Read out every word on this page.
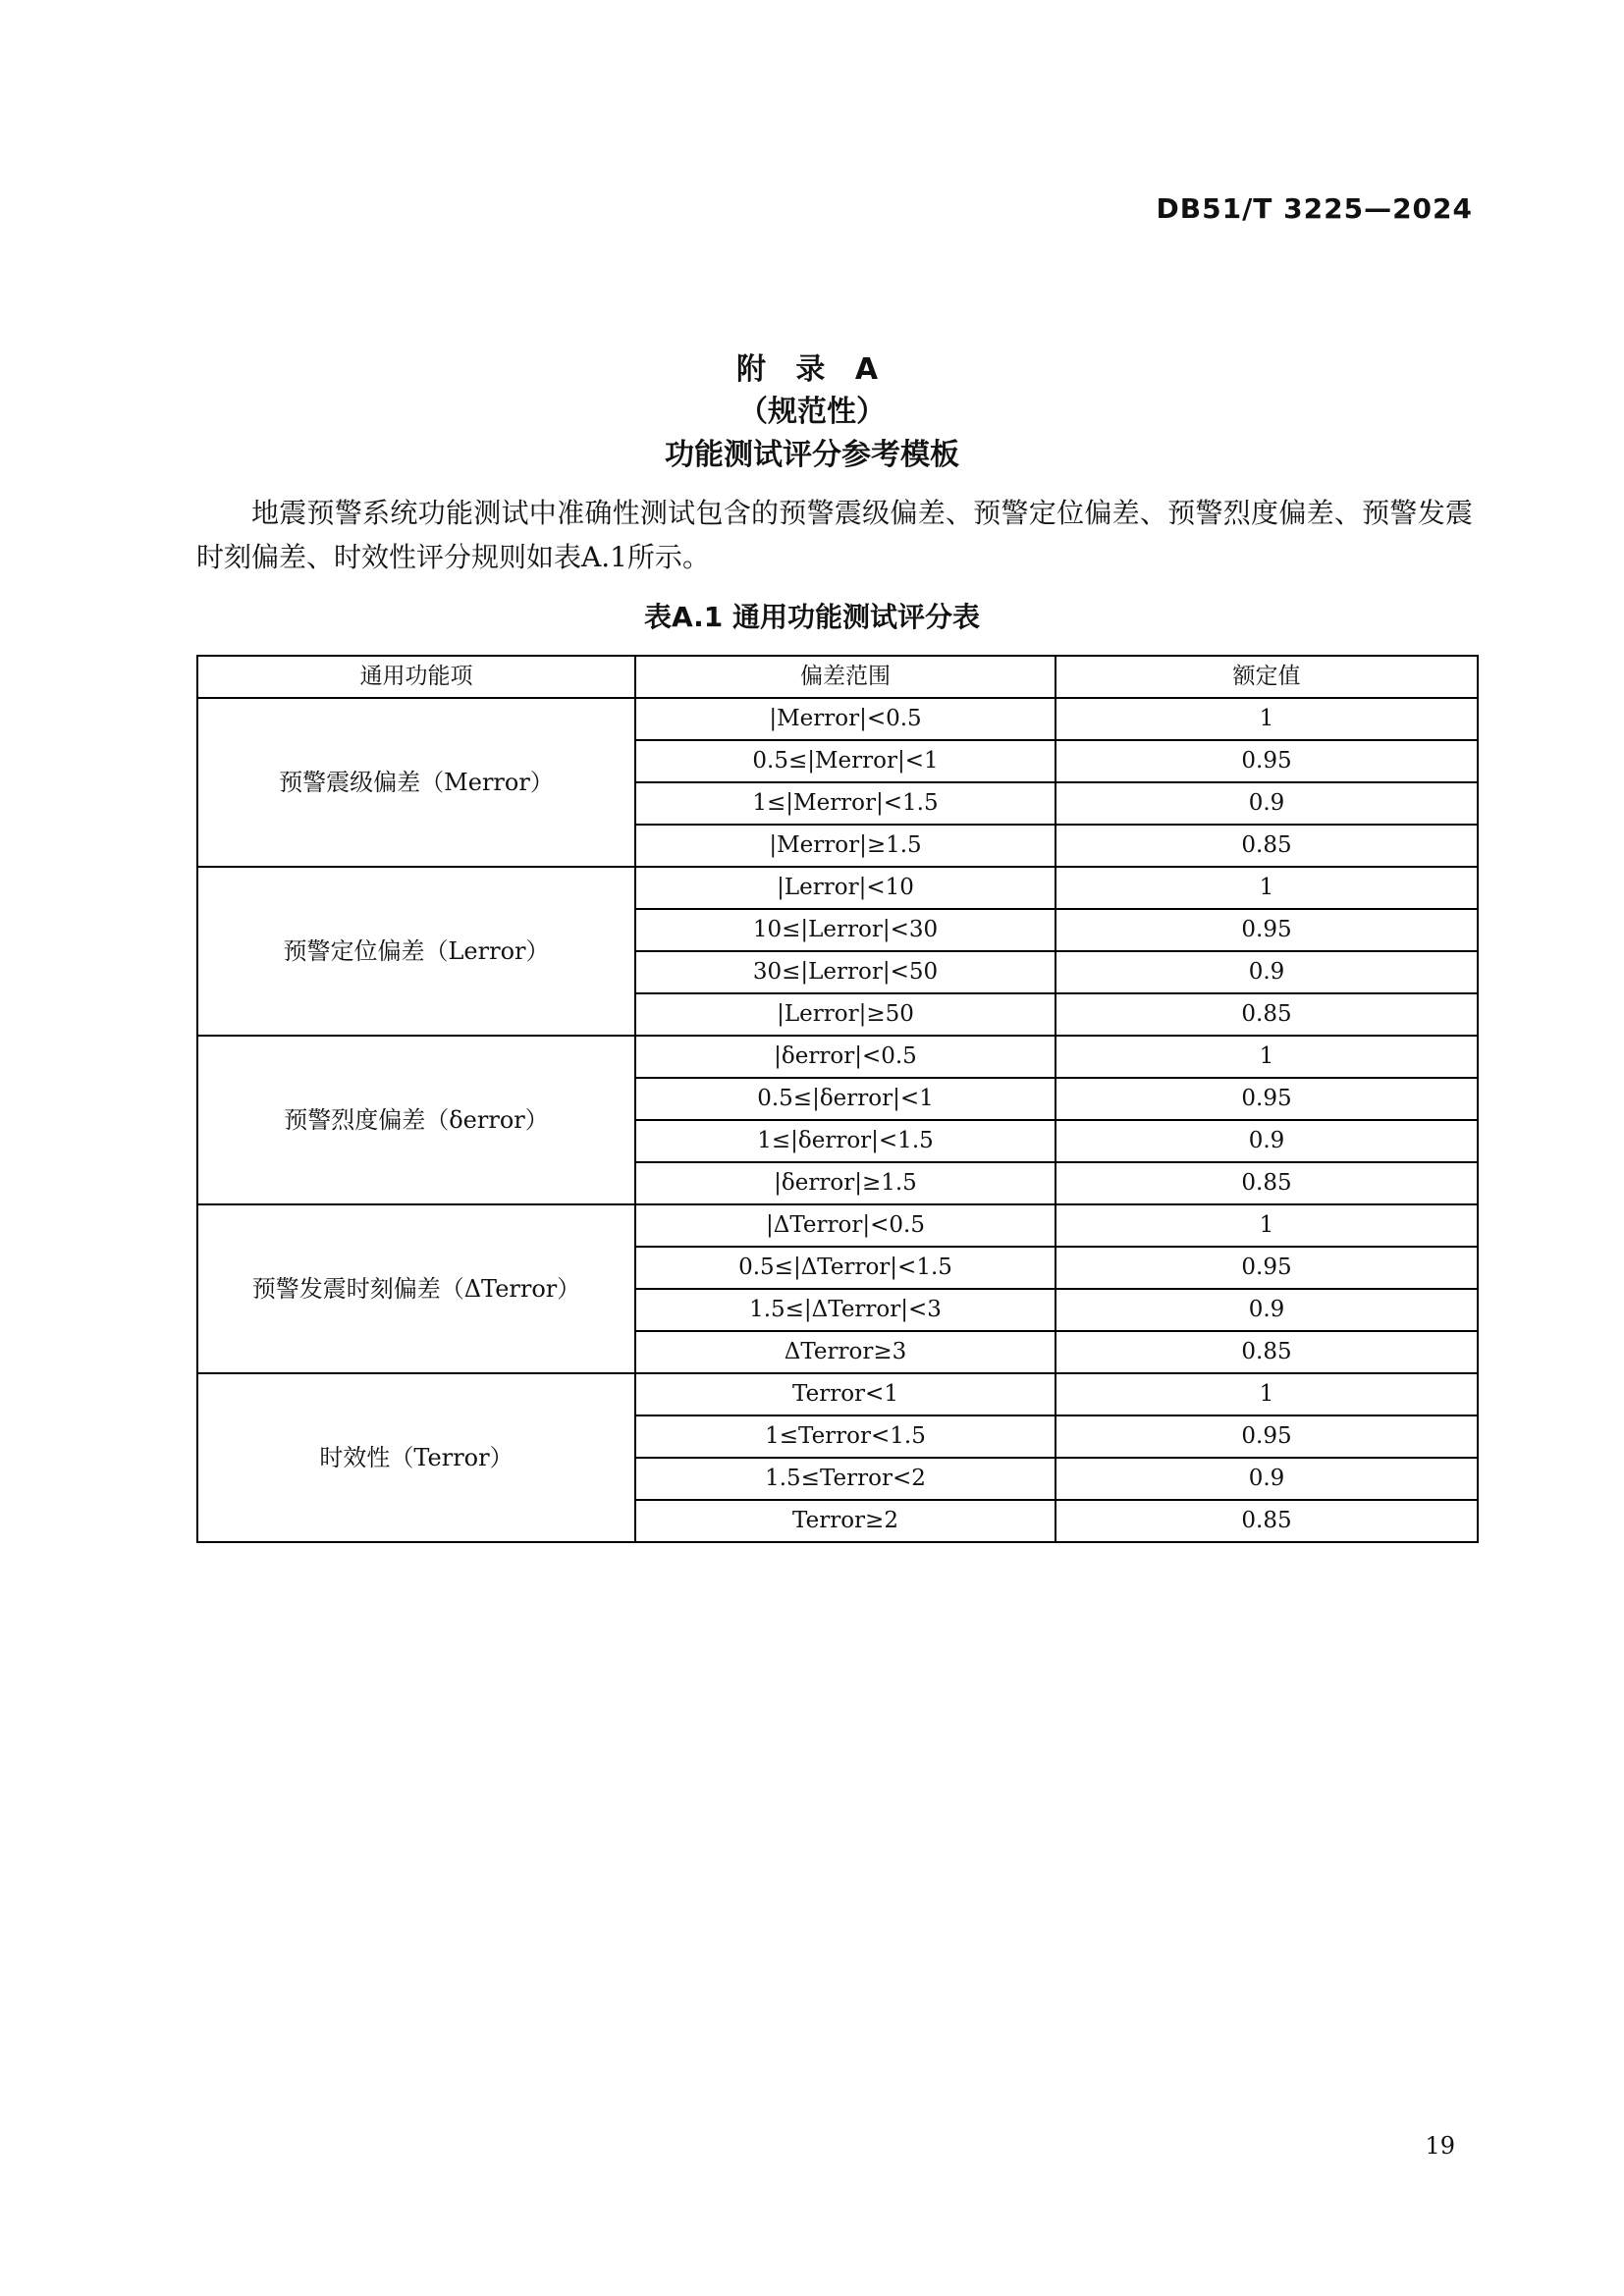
DB51/T 3225—2024
附 录 A
（规范性）
功能测试评分参考模板

地震预警系统功能测试中准确性测试包含的预警震级偏差、预警定位偏差、预警烈度偏差、预警发震时刻偏差、时效性评分规则如表A.1所示。

表A.1 通用功能测试评分表
通用功能项	偏差范围	额定值
预警震级偏差（Merror）	|Merror|<0.5	1
	0.5≤|Merror|<1	0.95
	1≤|Merror|<1.5	0.9
	|Merror|≥1.5	0.85
预警定位偏差（Lerror）	|Lerror|<10	1
	10≤|Lerror|<30	0.95
	30≤|Lerror|<50	0.9
	|Lerror|≥50	0.85
预警烈度偏差（δerror）	|δerror|<0.5	1
	0.5≤|δerror|<1	0.95
	1≤|δerror|<1.5	0.9
	|δerror|≥1.5	0.85
预警发震时刻偏差（ΔTerror）	|ΔTerror|<0.5	1
	0.5≤|ΔTerror|<1.5	0.95
	1.5≤|ΔTerror|<3	0.9
	ΔTerror≥3	0.85
时效性（Terror）	Terror<1	1
	1≤Terror<1.5	0.95
	1.5≤Terror<2	0.9
	Terror≥2	0.85
19
